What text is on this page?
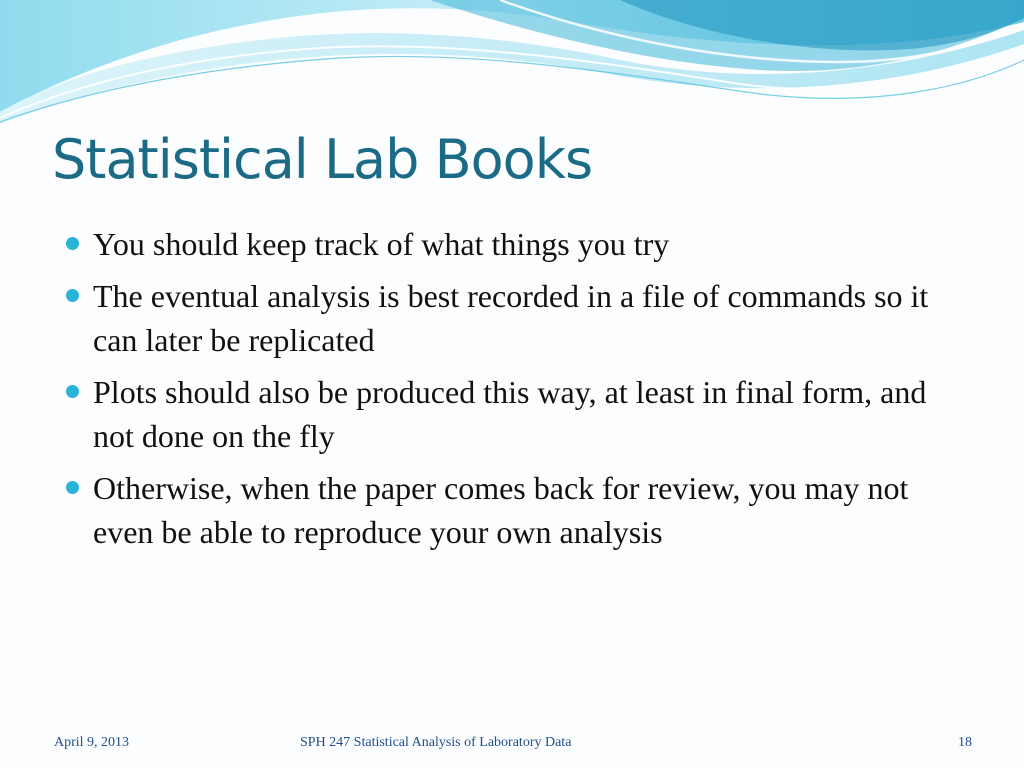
Statistical Lab Books
You should keep track of what things you try
The eventual analysis is best recorded in a file of commands so it can later be replicated
Plots should also be produced this way, at least in final form, and not done on the fly
Otherwise, when the paper comes back for review, you may not even be able to reproduce your own analysis
April 9, 2013	SPH 247 Statistical Analysis of Laboratory Data	18
